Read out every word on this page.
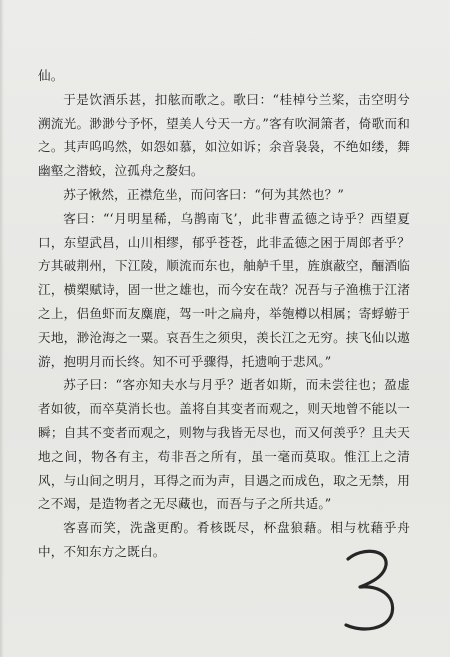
仙。

于是饮酒乐甚，扣舷而歌之。歌曰：“桂棹兮兰桨，击空明兮溯流光。渺渺兮予怀，望美人兮天一方。”客有吹洞箫者，倚歌而和之。其声呜呜然，如怨如慕，如泣如诉；余音袅袅，不绝如缕，舞幽壑之潜蛟，泣孤舟之嫠妇。

苏子愀然，正襟危坐，而问客曰：“何为其然也？”

客曰：“‘月明星稀，乌鹊南飞’，此非曹孟德之诗乎？西望夏口，东望武昌，山川相缪，郁乎苍苍，此非孟德之困于周郎者乎？方其破荆州，下江陵，顺流而东也，舳舻千里，旌旗蔽空，酾酒临江，横槊赋诗，固一世之雄也，而今安在哉？况吾与子渔樵于江渚之上，侣鱼虾而友麋鹿，驾一叶之扁舟，举匏樽以相属；寄蜉蝣于天地，渺沧海之一粟。哀吾生之须臾，羡长江之无穷。挟飞仙以遨游，抱明月而长终。知不可乎骤得，托遗响于悲风。”

苏子曰：“客亦知夫水与月乎？逝者如斯，而未尝往也；盈虚者如彼，而卒莫消长也。盖将自其变者而观之，则天地曾不能以一瞬；自其不变者而观之，则物与我皆无尽也，而又何羡乎？且夫天地之间，物各有主，苟非吾之所有，虽一毫而莫取。惟江上之清风，与山间之明月，耳得之而为声，目遇之而成色，取之无禁，用之不竭，是造物者之无尽藏也，而吾与子之所共适。”

客喜而笑，洗盏更酌。肴核既尽，杯盘狼藉。相与枕藉乎舟中，不知东方之既白。
